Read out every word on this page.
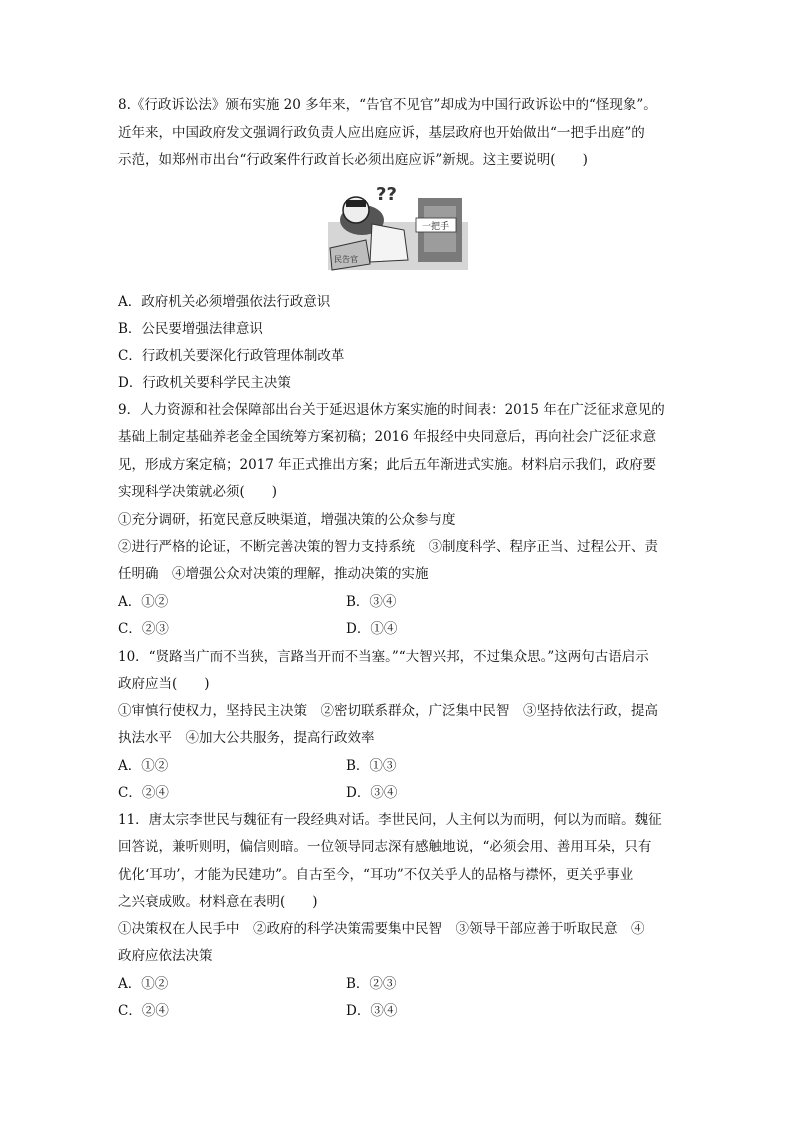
8.《行政诉讼法》颁布实施 20 多年来，“告官不见官”却成为中国行政诉讼中的“怪现象”。
近年来，中国政府发文强调行政负责人应出庭应诉，基层政府也开始做出“一把手出庭”的
示范，如郑州市出台“行政案件行政首长必须出庭应诉”新规。这主要说明(　　)
民告官
一把手
??
A．政府机关必须增强依法行政意识
B．公民要增强法律意识
C．行政机关要深化行政管理体制改革
D．行政机关要科学民主决策
9．人力资源和社会保障部出台关于延迟退休方案实施的时间表：2015 年在广泛征求意见的
基础上制定基础养老金全国统筹方案初稿；2016 年报经中央同意后，再向社会广泛征求意
见，形成方案定稿；2017 年正式推出方案；此后五年渐进式实施。材料启示我们，政府要
实现科学决策就必须(　　)
①充分调研，拓宽民意反映渠道，增强决策的公众参与度
②进行严格的论证，不断完善决策的智力支持系统　③制度科学、程序正当、过程公开、责
任明确　④增强公众对决策的理解，推动决策的实施
A．①②	B．③④
C．②③	D．①④
10．“贤路当广而不当狭，言路当开而不当塞。”“大智兴邦，不过集众思。”这两句古语启示
政府应当(　　)
①审慎行使权力，坚持民主决策　②密切联系群众，广泛集中民智　③坚持依法行政，提高
执法水平　④加大公共服务，提高行政效率
A．①②	B．①③
C．②④	D．③④
11．唐太宗李世民与魏征有一段经典对话。李世民问，人主何以为而明，何以为而暗。魏征
回答说，兼听则明，偏信则暗。一位领导同志深有感触地说，“必须会用、善用耳朵，只有
优化‘耳功’，才能为民建功”。自古至今，“耳功”不仅关乎人的品格与襟怀，更关乎事业
之兴衰成败。材料意在表明(　　)
①决策权在人民手中　②政府的科学决策需要集中民智　③领导干部应善于听取民意　④
政府应依法决策
A．①②	B．②③
C．②④	D．③④
